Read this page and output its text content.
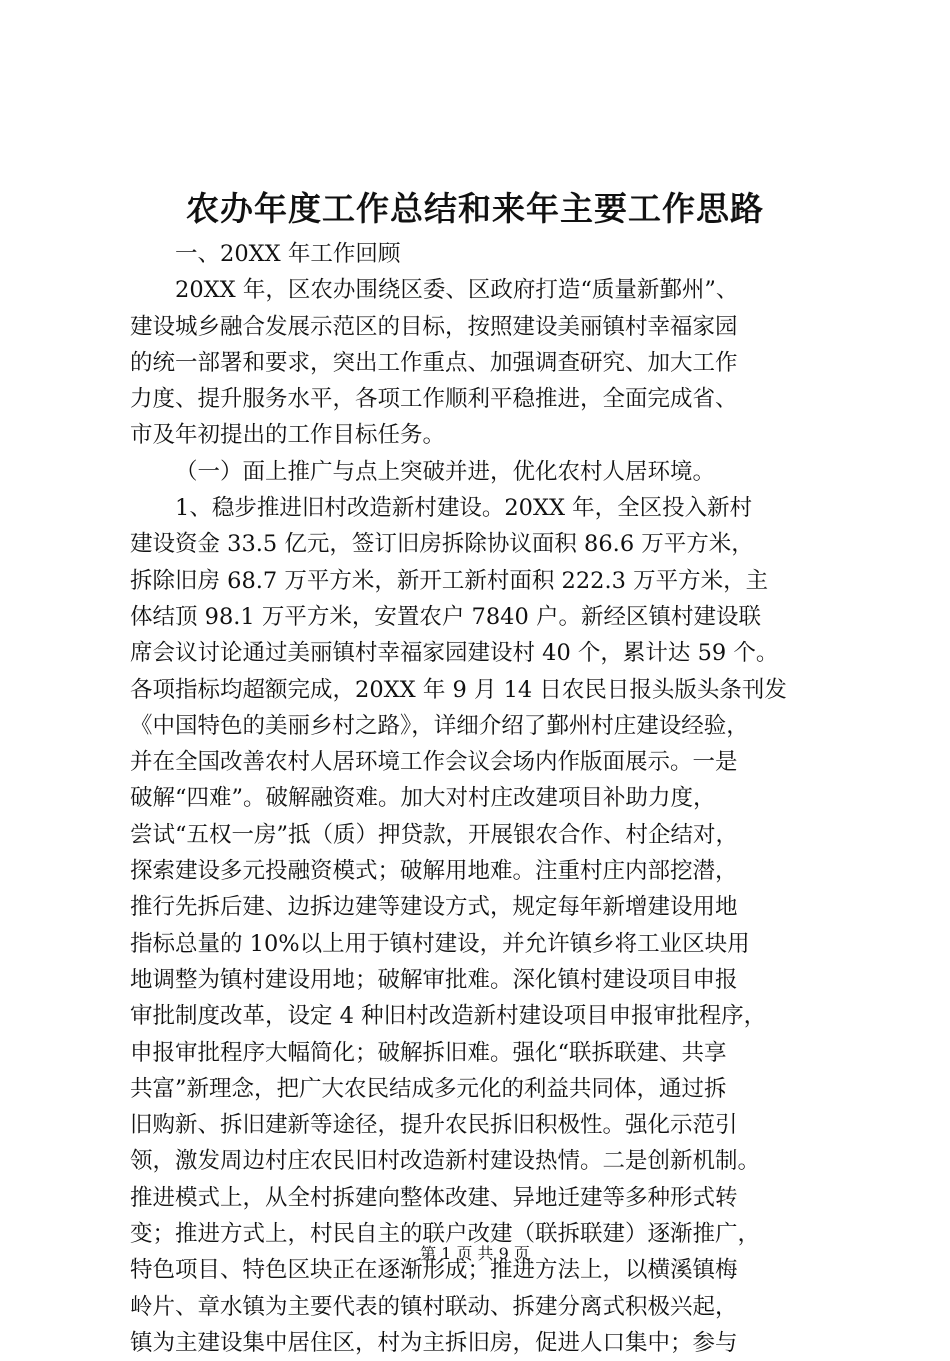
农办年度工作总结和来年主要工作思路
一、20XX 年工作回顾
20XX 年，区农办围绕区委、区政府打造“质量新鄞州”、
建设城乡融合发展示范区的目标，按照建设美丽镇村幸福家园
的统一部署和要求，突出工作重点、加强调查研究、加大工作
力度、提升服务水平，各项工作顺利平稳推进，全面完成省、
市及年初提出的工作目标任务。
（一）面上推广与点上突破并进，优化农村人居环境。
1、稳步推进旧村改造新村建设。20XX 年，全区投入新村
建设资金 33.5 亿元，签订旧房拆除协议面积 86.6 万平方米，
拆除旧房 68.7 万平方米，新开工新村面积 222.3 万平方米，主
体结顶 98.1 万平方米，安置农户 7840 户。新经区镇村建设联
席会议讨论通过美丽镇村幸福家园建设村 40 个，累计达 59 个。
各项指标均超额完成，20XX 年 9 月 14 日农民日报头版头条刊发
《中国特色的美丽乡村之路》，详细介绍了鄞州村庄建设经验，
并在全国改善农村人居环境工作会议会场内作版面展示。一是
破解“四难”。破解融资难。加大对村庄改建项目补助力度，
尝试“五权一房”抵（质）押贷款，开展银农合作、村企结对，
探索建设多元投融资模式；破解用地难。注重村庄内部挖潜，
推行先拆后建、边拆边建等建设方式，规定每年新增建设用地
指标总量的 10%以上用于镇村建设，并允许镇乡将工业区块用
地调整为镇村建设用地；破解审批难。深化镇村建设项目申报
审批制度改革，设定 4 种旧村改造新村建设项目申报审批程序，
申报审批程序大幅简化；破解拆旧难。强化“联拆联建、共享
共富”新理念，把广大农民结成多元化的利益共同体，通过拆
旧购新、拆旧建新等途径，提升农民拆旧积极性。强化示范引
领，激发周边村庄农民旧村改造新村建设热情。二是创新机制。
推进模式上，从全村拆建向整体改建、异地迁建等多种形式转
变；推进方式上，村民自主的联户改建（联拆联建）逐渐推广，
特色项目、特色区块正在逐渐形成；推进方法上，以横溪镇梅
岭片、章水镇为主要代表的镇村联动、拆建分离式积极兴起，
镇为主建设集中居住区，村为主拆旧房，促进人口集中；参与
第 1 页 共 9 页
